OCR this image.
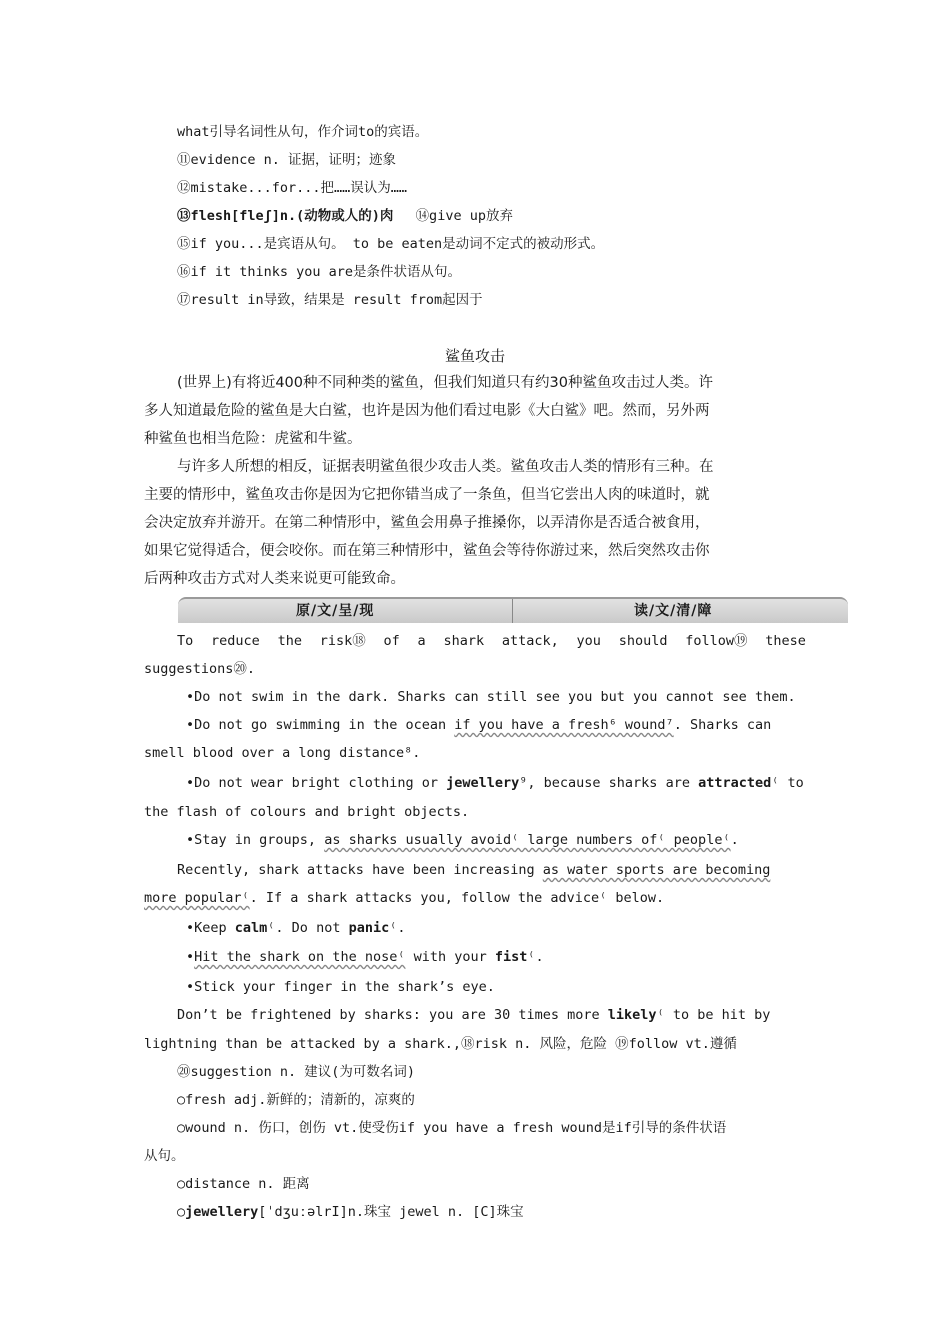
what引导名词性从句，作介词to的宾语。
⑪evidence n. 证据，证明；迹象
⑫mistake...for...把……误认为……
⑬flesh[fleʃ]n.(动物或人的)肉 ⑭give up放弃
⑮if you...是宾语从句。 to be eaten是动词不定式的被动形式。
⑯if it thinks you are是条件状语从句。
⑰result in导致，结果是 result from起因于
鲨鱼攻击
(世界上)有将近400种不同种类的鲨鱼，但我们知道只有约30种鲨鱼攻击过人类。许
多人知道最危险的鲨鱼是大白鲨，也许是因为他们看过电影《大白鲨》吧。然而，另外两
种鲨鱼也相当危险：虎鲨和牛鲨。
与许多人所想的相反，证据表明鲨鱼很少攻击人类。鲨鱼攻击人类的情形有三种。在
主要的情形中，鲨鱼攻击你是因为它把你错当成了一条鱼，但当它尝出人肉的味道时，就
会决定放弃并游开。在第二种情形中，鲨鱼会用鼻子推搡你，以弄清你是否适合被食用，
如果它觉得适合，便会咬你。而在第三种情形中，鲨鱼会等待你游过来，然后突然攻击你
后两种攻击方式对人类来说更可能致命。
原/文/呈/现	读/文/清/障
To reduce the risk⑱ of a shark attack, you should follow⑲ these
suggestions⑳.
•Do not swim in the dark. Sharks can still see you but you cannot see them.
•Do not go swimming in the ocean if you have a fresh⁶ wound⁷. Sharks can
smell blood over a long distance⁸.
•Do not wear bright clothing or jewellery⁹, because sharks are attracted⁽ to
the flash of colours and bright objects.
•Stay in groups, as sharks usually avoid⁽ large numbers of⁽ people⁽.
Recently, shark attacks have been increasing as water sports are becoming
more popular⁽. If a shark attacks you, follow the advice⁽ below.
•Keep calm⁽. Do not panic⁽.
•Hit the shark on the nose⁽ with your fist⁽.
•Stick your finger in the shark’s eye.
Don’t be frightened by sharks: you are 30 times more likely⁽ to be hit by
lightning than be attacked by a shark.,⑱risk n. 风险，危险 ⑲follow vt.遵循
⑳suggestion n. 建议(为可数名词)
○fresh adj.新鲜的；清新的，凉爽的
○wound n. 伤口，创伤 vt.使受伤if you have a fresh wound是if引导的条件状语
从句。
○distance n. 距离
○jewellery[ˈdʒuːəlrI]n.珠宝 jewel n. [C]珠宝
